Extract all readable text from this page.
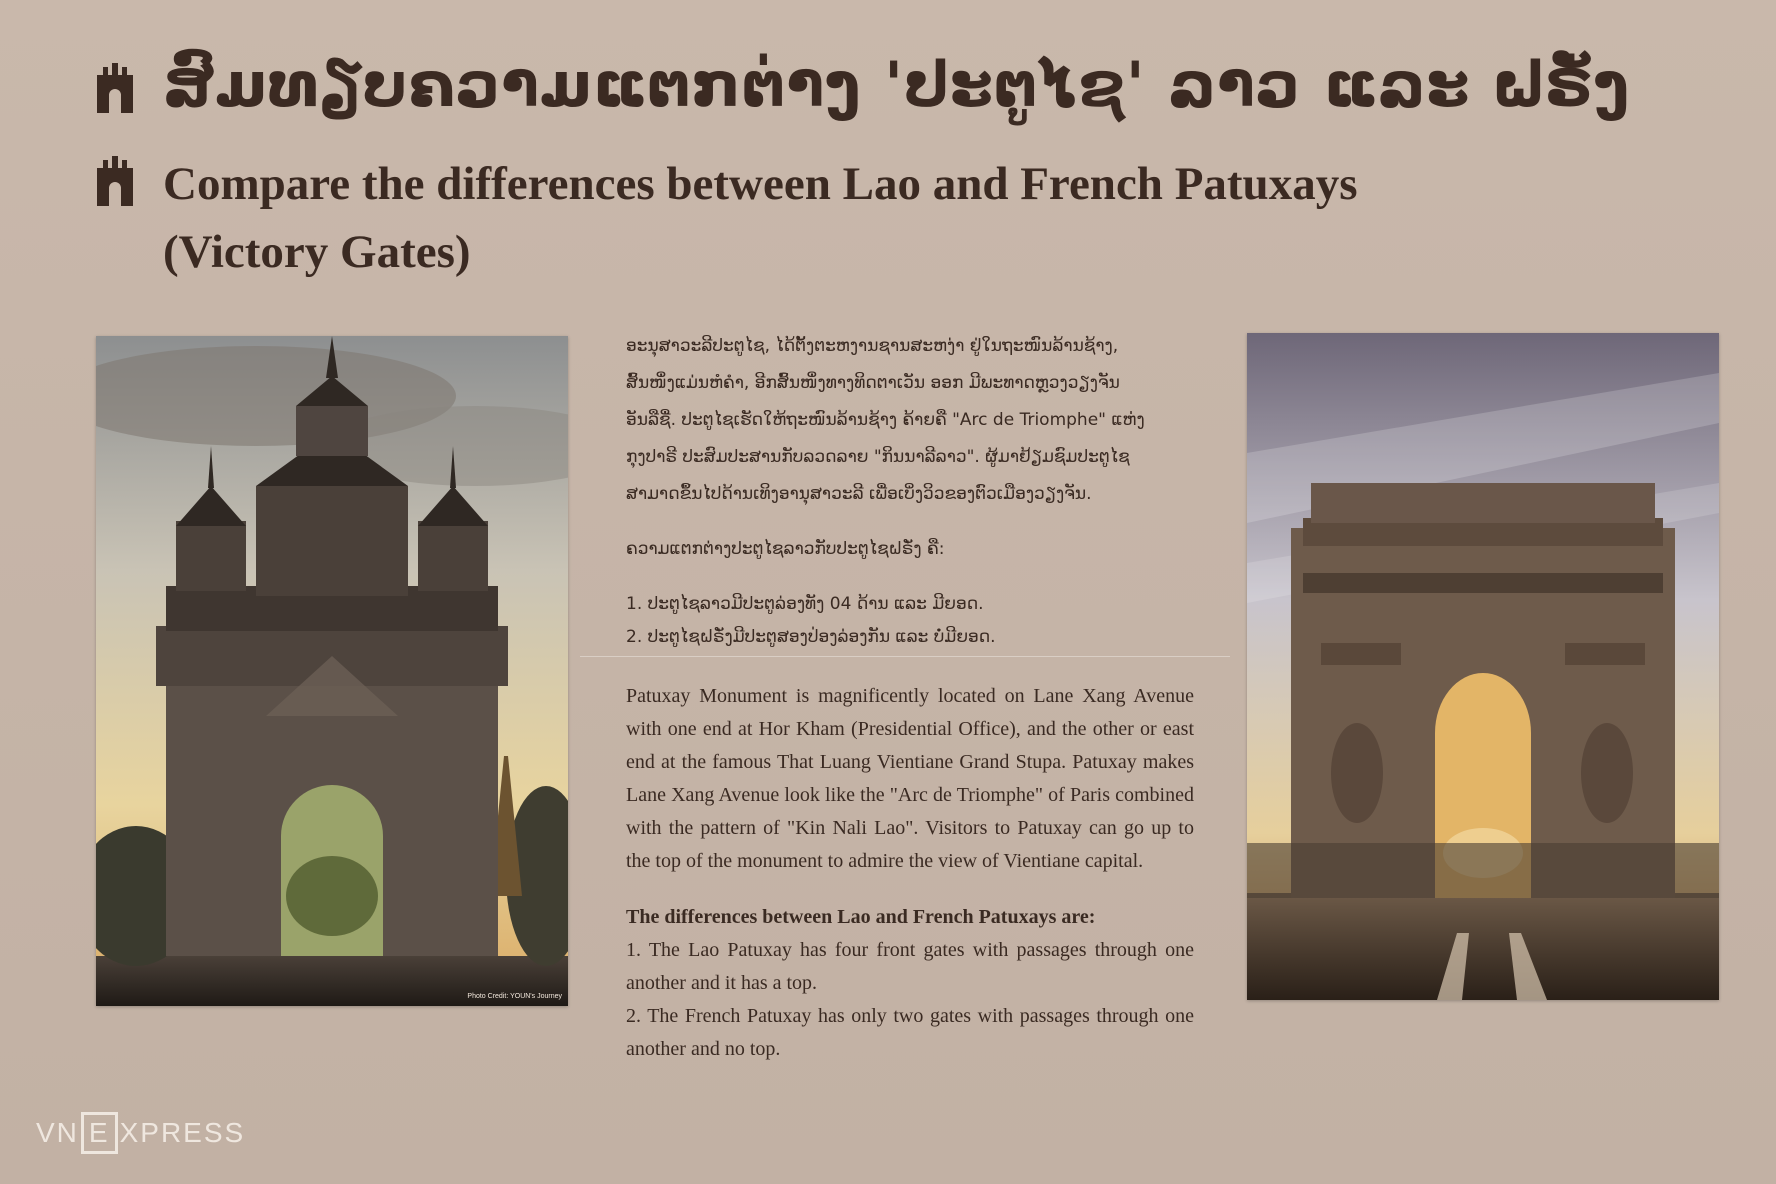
ສົມທຽບຄວາມແຕກຕ່າງ 'ປະຕູໄຊ' ລາວ ແລະ ຝຣັ່ງ
Compare the differences between Lao and French Patuxays
(Victory Gates)
Photo Credit: YOUN's Journey

ອະນຸສາວະລີປະຕູໄຊ, ໄດ້ຕັ້ງຕະຫງານຊານສະຫງ່າ ຢູ່ໃນຖະໜົນລ້ານຊ້າງ,

ສົ້ນໜຶ່ງແມ່ນຫໍຄໍາ, ອີກສົ້ນໜຶ່ງທາງທິດຕາເວັນ ອອກ ມີພະທາດຫຼວງວຽງຈັນ

ອັນລືຊື່. ປະຕູໄຊເຮັດໃຫ້ຖະໜົນລ້ານຊ້າງ ຄ້າຍຄື "Arc de Triomphe" ແຫ່ງ

ກຸງປາຣີ ປະສົມປະສານກັບລວດລາຍ "ກິນນາລີລາວ". ຜູ້ມາຢ້ຽມຊົມປະຕູໄຊ

ສາມາດຂຶ້ນໄປດ້ານເທິງອານຸສາວະລີ ເພື່ອເບິ່ງວິວຂອງຕົວເມືອງວຽງຈັນ.

ຄວາມແຕກຕ່າງປະຕູໄຊລາວກັບປະຕູໄຊຝຣັ່ງ ຄື:

1. ປະຕູໄຊລາວມີປະຕູລ່ອງທັງ 04 ດ້ານ ແລະ ມີຍອດ.

2. ປະຕູໄຊຝຣັ່ງມີປະຕູສອງປ່ອງລ່ອງກັນ ແລະ ບໍ່ມີຍອດ.

Patuxay Monument is magnificently located on Lane Xang Avenue with one end at Hor Kham (Presidential Office), and the other or east end at the famous That Luang Vientiane Grand Stupa. Patuxay makes Lane Xang Avenue look like the "Arc de Triomphe" of Paris combined with the pattern of "Kin Nali Lao". Visitors to Patuxay can go up to the top of the monument to admire the view of Vientiane capital.

The differences between Lao and French Patuxays are:

1. The Lao Patuxay has four front gates with passages through one another and it has a top.

2. The French Patuxay has only two gates with passages through one another and no top.

VN E XPRESS
